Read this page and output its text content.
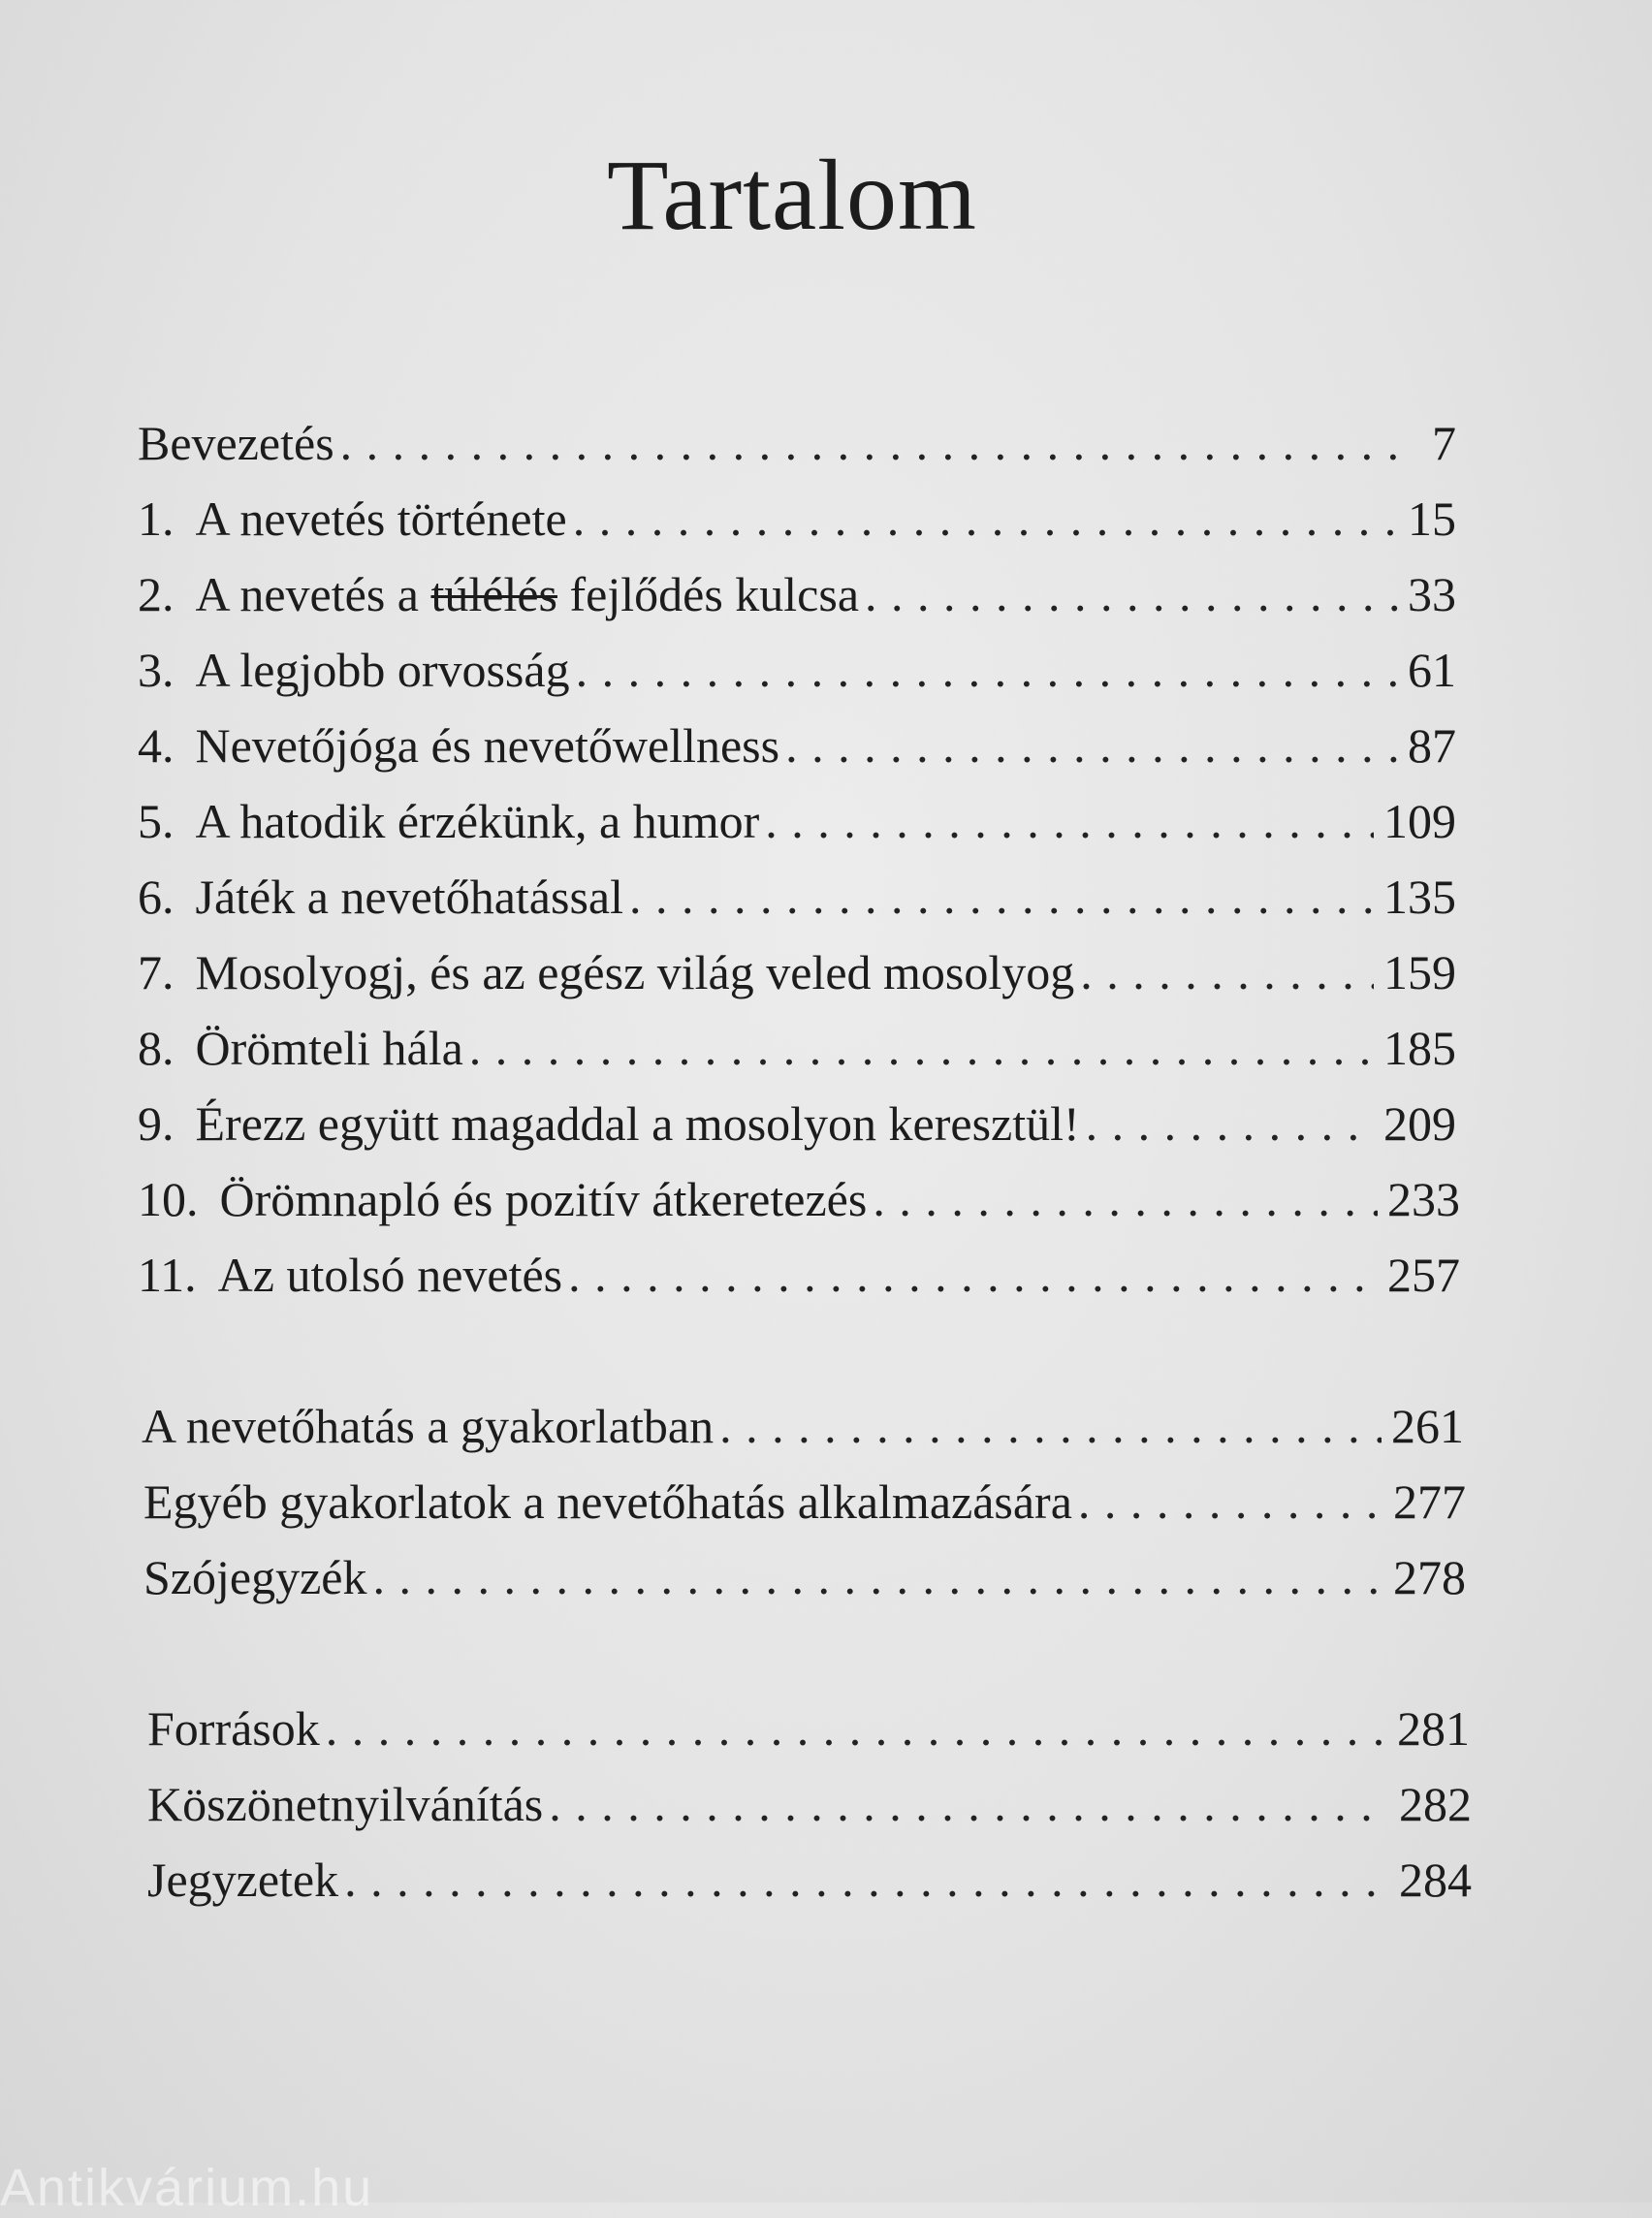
Tartalom
Bevezetés . . .	7
1. A nevetés története . . .	15
2. A nevetés a túlélés fejlődés kulcsa . . .	33
3. A legjobb orvosság . . .	61
4. Nevetőjóga és nevetőwellness . . .	87
5. A hatodik érzékünk, a humor . . .	109
6. Játék a nevetőhatással . . .	135
7. Mosolyogj, és az egész világ veled mosolyog . . .	159
8. Örömteli hála . . .	185
9. Érezz együtt magaddal a mosolyon keresztül! . . .	209
10. Örömnapló és pozitív átkeretezés . . .	233
11. Az utolsó nevetés . . .	257
A nevetőhatás a gyakorlatban . . .	261
Egyéb gyakorlatok a nevetőhatás alkalmazására . . .	277
Szójegyzék . . .	278
Források . . .	281
Köszönetnyilvánítás . . .	282
Jegyzetek . . .	284
Antikvárium.hu
